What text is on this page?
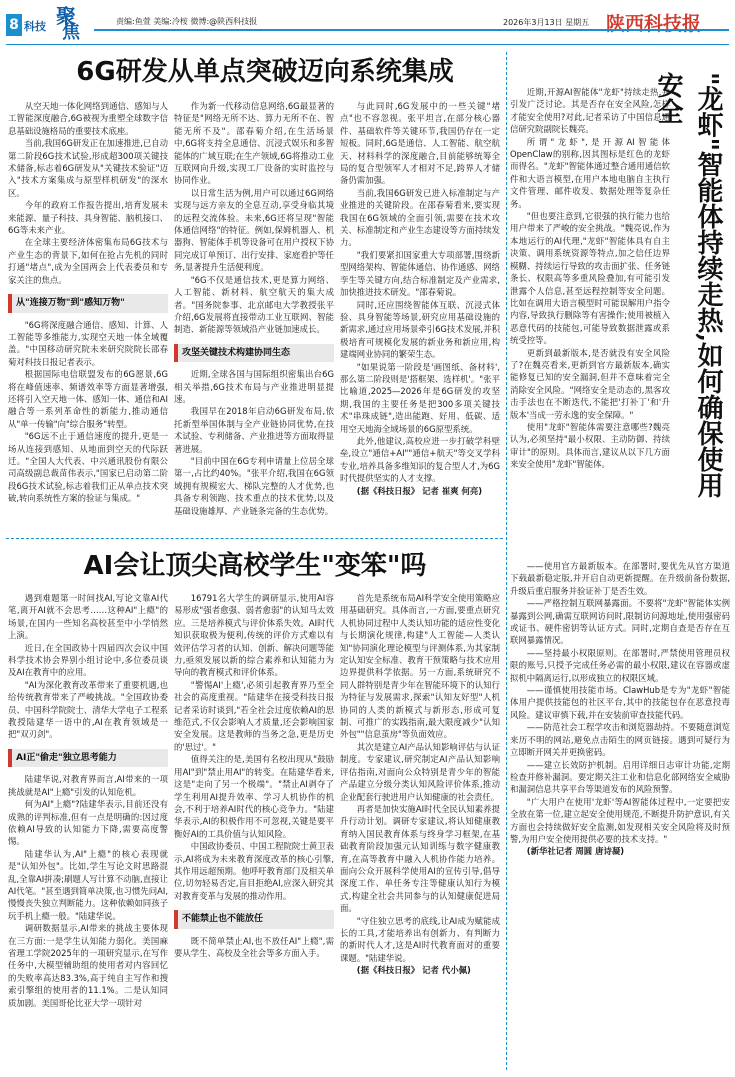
8 科技 聚
焦
责编:鱼萱 美编:冷桉 微博:@陕西科技报	2026年3月13日 星期五 陕西科技报
6G研发从单点突破迈向系统集成

从空天地一体化网络到通信、感知与人工智能深度融合,6G被视为重塑全球数字信息基础设施格局的重要技术底座。

当前,我国6G研发正在加速推进,已自动第二阶段6G技术试验,形成超300项关键技术储备,标志着6G研发从"关键技术验证"迈入"技术方案集成与原型样机研发"的深水区。

今年的政府工作报告提出,培育发展未来能源、量子科技、具身智能、脑机接口、6G等未来产业。

在全球主要经济体密集布局6G技术与产业生态的背景下,如何在抢占先机的同时打通"堵点",成为全国两会上代表委员和专家关注的焦点。

从"连接万物"到"感知万物"

"6G将深度融合通信、感知、计算、人工智能等多维能力,实现空天地一体全域覆盖。"中国移动研究院未来研究院院长邵春菊对科技日报记者表示。

根据国际电信联盟发布的6G愿景,6G将在峰值速率、频谱效率等方面显著增强,还将引入空天地一体、感知一体、通信和AI融合等一系列革命性的新能力,推动通信从"单一传输"向"综合服务"转型。

"6G远不止于通信速度的提升,更是一场从连接到感知、从地面到空天的代际跃迁。"全国人大代表、中兴通讯股份有限公司高级副总裁苗伟表示,"国家已启动第二阶段6G技术试验,标志着我们正从单点技术突破,转向系统性方案的验证与集成。"

作为新一代移动信息网络,6G最显著的特征是"网络无所不达、算力无所不在、智能无所不及"。邵春菊介绍,在生活场景中,6G将支持全息通信、沉浸式娱乐和多智能体的广域互联;在生产领域,6G将推动工业互联网向升级,实现工厂设备的实时监控与协同作业。

以日常生活为例,用户可以通过6G网络实现与远方亲友的全息互动,享受身临其境的远程交流体验。未来,6G还将呈现"智能体通信网络"的特征。例如,保姆机器人、机器狗、智能体手机等设备可在用户授权下协同完成订单预订、出行安排、家庭看护等任务,显著提升生活便利度。

"6G不仅是通信技术,更是算力网络、人工智能、新材料、航空航天的集大成者。"国务院参事、北京邮电大学教授张平介绍,6G发展将直接带动工业互联网、智能制造、新能源等领域沿产业链加速成长。

攻坚关键技术构建协同生态

近期,全球各国与国际组织密集出台6G相关举措,6G技术布局与产业推进明显提速。

我国早在2018年启动6G研发布局,依托新型举国体制与全产业链协同优势,在技术试验、专利储备、产业推进等方面取得显著进展。

"目前中国在6G专利申请量上位居全球第一,占比约40%。"张平介绍,我国在6G领域拥有规模宏大、梯队完整的人才优势,也具备专利领跑、技术重点的技术优势,以及基础设施雄厚、产业链条完备的生态优势。

与此同时,6G发展中的一些关键"堵点"也不容忽视。张平坦言,在部分核心器件、基础软件等关键环节,我国仍存在一定短板。同时,6G是通信、人工智能、航空航天、材料科学的深度融合,目前能够统筹全局的复合型领军人才相对不足,跨界人才储备仍需加强。

当前,我国6G研发已进入标准制定与产业推进的关键阶段。在邵春菊看来,要实现我国在6G领域的全面引领,需要在技术攻关、标准制定和产业生态建设等方面持续发力。

"我们要紧扣国家重大专项部署,围绕新型网络架构、智能体通信、协作通感、网络孪生等关键方向,结合标准制定及产业需求,加快推进技术研发。"邵春菊说。

同时,还应围绕智能体互联、沉浸式体验、具身智能等场景,研究应用基础设施的新需求,通过应用场景牵引6G技术发展,并积极培育可规模化发展的新业务和新应用,构建端网业协同的繁荣生态。

"如果说第一阶段是'画图纸、备材料',那么第二阶段则是'搭框架、选样机'。"张平比喻道,2025—2026年是6G研发的攻坚期,我国的主要任务是把300多项关键技术"串珠成链",造出能跑、好用、低碳、适用空天地海全域场景的6G原型系统。

此外,他建议,高校应进一步打破学科壁垒,设立"通信+AI""通信+航天"等交叉学科专业,培养具备多维知识的复合型人才,为6G时代提供坚实的人才支撑。

(据《科技日报》 记者 崔爽 何亮)

AI会让顶尖高校学生"变笨"吗

遇到难题第一时间找AI,写论文靠AI代笔,离开AI就不会思考……这种AI"上瘾"的场景,在国内一些知名高校甚至中小学悄然上演。

近日,在全国政协十四届四次会议中国科学技术协会界别小组讨论中,多位委员谈及AI在教育中的应用。

"AI为深化教育改革带来了重要机遇,也给传统教育带来了严峻挑战。"全国政协委员、中国科学院院士、清华大学电子工程系教授陆建华一语中的,AI在教育领域是一把"双刃剑"。

AI正"偷走"独立思考能力

陆建华说,对教育界而言,AI带来的一项挑战就是AI"上瘾"引发的认知危机。

何为AI"上瘾"?陆建华表示,目前还没有成熟的评判标准,但有一点是明确的:因过度依赖AI导致的认知能力下降,需要高度警惕。

陆建华认为,AI"上瘾"的核心表现就是"认知外包"。比如,学生写论文时思路混乱,全靠AI拼凑;刷题人写计算不动脑,直接让AI代笔。"甚至遇到简单决策,也习惯先问AI,慢慢丧失独立判断能力。这种依赖如同孩子玩手机上瘾一般。"陆建华说。

调研数据显示,AI带来的挑战主要体现在三方面:一是学生认知能力弱化。美国麻省理工学院2025年的一项研究显示,在写作任务中,大模型辅助组的使用者对内容回忆的失败率高达83.3%,高于纯自主写作和搜索引擎组的使用者的11.1%。二是认知同质加剧。美国哥伦比亚大学一项针对

16791名大学生的调研显示,使用AI容易形成"强者愈强、弱者愈弱"的认知马太效应。三是培养模式与评价体系失效。AI时代知识获取极为便利,传统的评价方式难以有效评估学习者的认知、创新、解决问题等能力,亟须发展以新的综合素养和认知能力为导向的教育模式和评价体系。

"警惕AI'上瘾',必须引起教育界乃至全社会的高度重视。"陆建华在接受科技日报记者采访时谈到,"若全社会过度依赖AI的思维范式,不仅会影响人才质量,还会影响国家安全发展。这是教师的当务之急,更是历史的'思过'。"

值得关注的是,美国有名校出现从"鼓励用AI"到"禁止用AI"的转变。在陆建华看来,这是"走向了另一个极端"。"禁止AI剥夺了学生利用AI提升效率、学习人机协作的机会,不利于培养AI时代的核心竞争力。"陆建华表示,AI的积极作用不可忽视,关键是要平衡好AI的工具价值与认知风险。

中国政协委员、中国工程院院士黄卫表示,AI将成为未来教育深度改革的核心引擎,其作用远超预期。他呼吁教育部门及相关单位,切勿轻易否定,盲目拒绝AI,应深入研究其对教育变革与发展的推动作用。

不能禁止也不能放任

既不简单禁止AI,也不放任AI"上瘾",需要从学生、高校及全社会等多方面入手。

首先是系统布局AI科学安全使用策略应用基础研究。具体而言,一方面,要重点研究人机协同过程中人类认知功能的适应性变化与长期演化规律,构建"人工智能—人类认知"协同演化理论模型与评测体系,为其家制定认知安全标准、教育干预策略与技术应用边界提供科学依据。另一方面,系统研究不同人群特别是青少年在智能环境下的认知行为特征与发展需求,探索"认知友好型"人机协同的人类的新模式与新形态,形成可复制、可推广的实践指南,最大限度减少"认知外包""信息茧房"等负面效应。

其次是建立AI产品认知影响评估与认证制度。专家建议,研究制定AI产品认知影响评估指南,对面向公众特别是青少年的智能产品建立分级分类认知风险评价体系,推动企业配套行驶进用户认知健康的社会责任。

再者是加快实施AI时代全民认知素养提升行动计划。调研专家建议,将认知健康教育纳入国民教育体系与终身学习框架,在基础教育阶段加强元认知训练与数字健康教育,在高等教育中融入人机协作能力培养。面向公众开展科学使用AI的宣传引导,倡导深度工作、单任务专注等健康认知行为模式,构建全社会共同参与的认知健康促进局面。

"守住独立思考的底线,让AI成为赋能成长的工具,才能培养出有创新力、有判断力的新时代人才,这是AI时代教育面对的重要课题。"陆建华说。

(据《科技日报》 记者 代小佩)

"龙虾"智能体持续走热,如何确保使用安全

近期,开源AI智能体"龙虾"持续走热,并引发广泛讨论。其是否存在安全风险,怎样才能安全使用?对此,记者采访了中国信息通信研究院副院长魏亮。

所谓"龙虾",是开源AI智能体OpenClaw的别称,因其图标是红色的龙虾而得名。"龙虾"智能体通过整合通用通信软件和大语言模型,在用户本地电脑自主执行文件管理、邮件收发、数据处理等复杂任务。

"但也要注意到,它很强的执行能力也给用户带来了严峻的安全挑战。"魏亮说,作为本地运行的AI代理,"龙虾"智能体具有自主决策、调用系统资源等特点,加之信任边界模糊、持续运行导致的攻击面扩张、任务链条长、权限高等多重风险叠加,有可能引发泄露个人信息,甚至远程控制等安全问题。比如在调用大语言模型时可能误解用户指令内容,导致执行删除等有害操作;使用被植入恶意代码的技能包,可能导致数据泄露或系统受控等。

更新到最新版本,是否就没有安全风险了?在魏亮看来,更新到官方最新版本,确实能修复已知的安全漏洞,但并不意味着完全消除安全风险。"网络安全是动态的,黑客攻击手法也在不断迭代,不能把'打补丁'和'升版本'当成一劳永逸的安全保障。"

使用"龙虾"智能体需要注意哪些?魏亮认为,必须坚持"最小权限、主动防御、持续审计"的原则。具体而言,建议从以下几方面来安全使用"龙虾"智能体。

——使用官方最新版本。在部署时,要优先从官方渠道下载最新稳定版,并开启自动更新提醒。在升级前备份数据,升级后重启服务并验证补丁是否生效。

——严格控制互联网暴露面。不要将"龙虾"智能体实例暴露到公网,确需互联网访问时,限制访问源地址,使用强密码或证书、硬件密钥等认证方式。同时,定期自查是否存在互联网暴露情况。

——坚持最小权限原则。在部署时,严禁使用管理员权限的账号,只授予完成任务必需的最小权限,建议在容器或虚拟机中隔离运行,以形成独立的权限区域。

——谨慎使用技能市场。ClawHub是专为"龙虾"智能体用户提供技能包的社区平台,其中的技能包存在恶意投毒风险。建议审慎下载,并在安装前审查技能代码。

——防范社会工程学攻击和浏览器劫持。不要随意浏览来历不明的网站,避免点击陌生的网页链接。遇到可疑行为立即断开网关并更换密码。

——建立长效防护机制。启用详细日志审计功能,定期检查并修补漏洞。要定期关注工业和信息化部网络安全威胁和漏洞信息共享平台等渠道发布的风险预警。

"广大用户在使用'龙虾'等AI智能体过程中,一定要把安全放在第一位,建立起安全使用规范,不断提升防护意识,有关方面也会持续做好安全监测,如发现相关安全风险将及时预警,为用户安全使用提供必要的技术支持。"

(新华社记者 周圆 唐诗凝)
